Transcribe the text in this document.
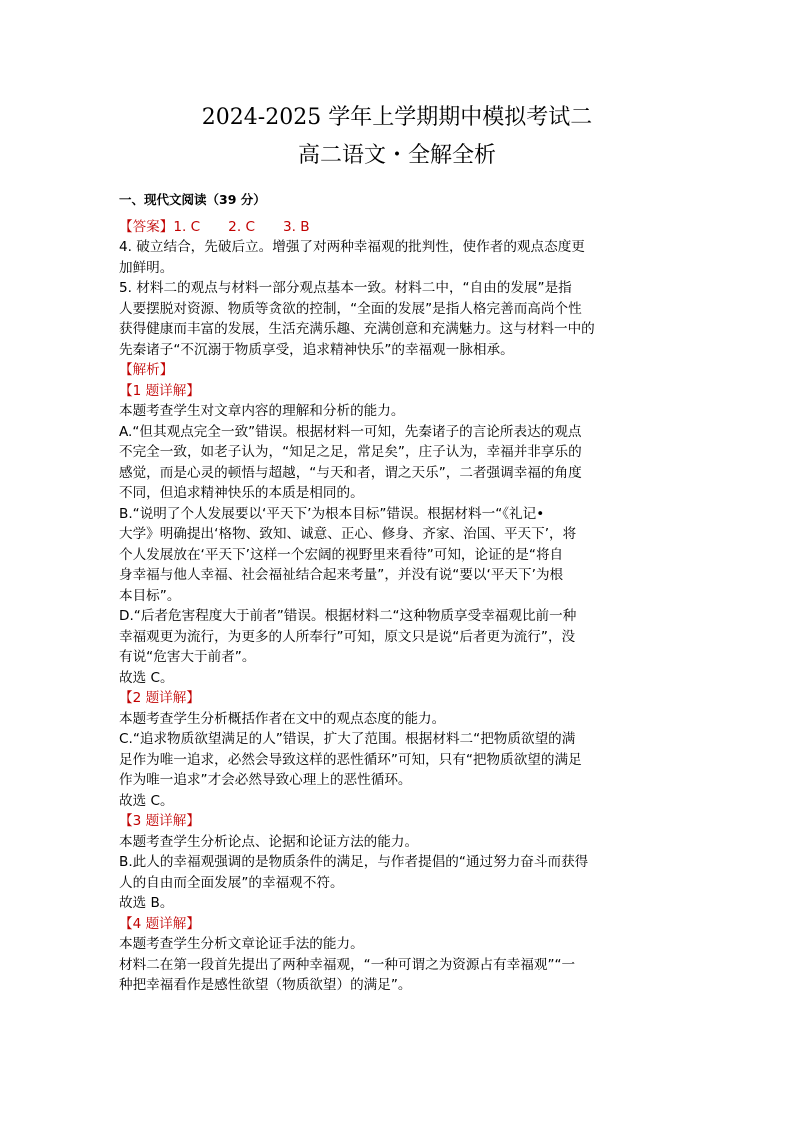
2024-2025 学年上学期期中模拟考试二
高二语文・全解全析
一、现代文阅读（39 分）
【答案】1. C 2. C 3. B
4. 破立结合，先破后立。增强了对两种幸福观的批判性，使作者的观点态度更
加鲜明。
5. 材料二的观点与材料一部分观点基本一致。材料二中，“自由的发展”是指
人要摆脱对资源、物质等贪欲的控制，“全面的发展”是指人格完善而高尚个性
获得健康而丰富的发展，生活充满乐趣、充满创意和充满魅力。这与材料一中的
先秦诸子“不沉溺于物质享受，追求精神快乐”的幸福观一脉相承。
【解析】
【1 题详解】
本题考查学生对文章内容的理解和分析的能力。
A.“但其观点完全一致”错误。根据材料一可知，先秦诸子的言论所表达的观点
不完全一致，如老子认为，“知足之足，常足矣”，庄子认为，幸福并非享乐的
感觉，而是心灵的顿悟与超越，“与天和者，谓之天乐”，二者强调幸福的角度
不同，但追求精神快乐的本质是相同的。
B.“说明了个人发展要以‘平天下’为根本目标”错误。根据材料一“《礼记•
大学》明确提出‘格物、致知、诚意、正心、修身、齐家、治国、平天下’，将
个人发展放在‘平天下’这样一个宏阔的视野里来看待”可知，论证的是“将自
身幸福与他人幸福、社会福祉结合起来考量”，并没有说“要以‘平天下’为根
本目标”。
D.“后者危害程度大于前者”错误。根据材料二“这种物质享受幸福观比前一种
幸福观更为流行，为更多的人所奉行”可知，原文只是说“后者更为流行”，没
有说“危害大于前者”。
故选 C。
【2 题详解】
本题考查学生分析概括作者在文中的观点态度的能力。
C.“追求物质欲望满足的人”错误，扩大了范围。根据材料二“把物质欲望的满
足作为唯一追求，必然会导致这样的恶性循环”可知，只有“把物质欲望的满足
作为唯一追求”才会必然导致心理上的恶性循环。
故选 C。
【3 题详解】
本题考查学生分析论点、论据和论证方法的能力。
B.此人的幸福观强调的是物质条件的满足，与作者提倡的“通过努力奋斗而获得
人的自由而全面发展”的幸福观不符。
故选 B。
【4 题详解】
本题考查学生分析文章论证手法的能力。
材料二在第一段首先提出了两种幸福观，“一种可谓之为资源占有幸福观”“一
种把幸福看作是感性欲望（物质欲望）的满足”。
